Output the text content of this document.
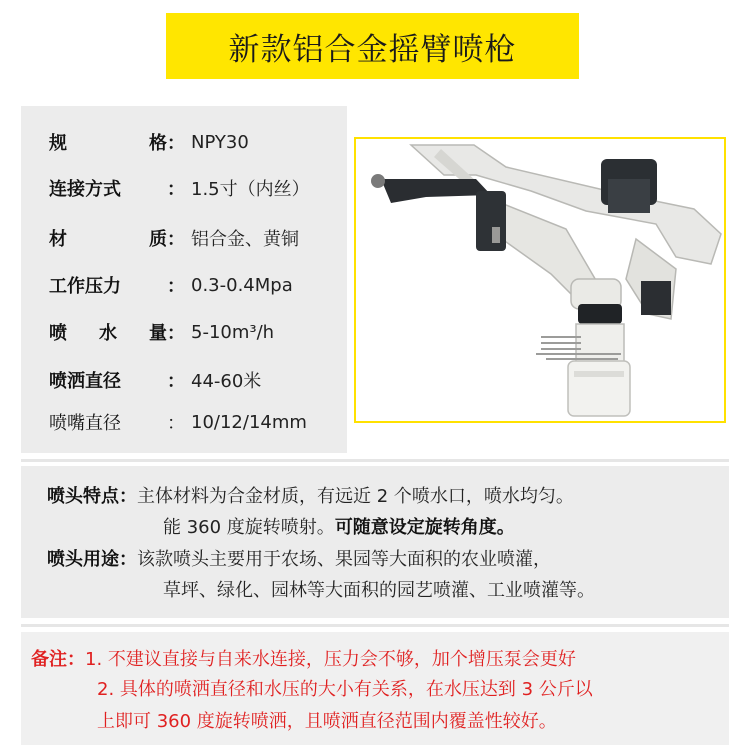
新款铝合金摇臂喷枪
规	格 ： NPY30
连接方式	： 1.5寸（内丝）
材	质 ： 铝合金、黄铜
工作压力	： 0.3-0.4Mpa
喷 水 量 ： 5-10m³/h
喷洒直径	： 44-60米
喷嘴直径	： 10/12/14mm
喷头特点：主体材料为合金材质，有远近 2 个喷水口，喷水均匀。
能 360 度旋转喷射。可随意设定旋转角度。
喷头用途：该款喷头主要用于农场、果园等大面积的农业喷灌，
草坪、绿化、园林等大面积的园艺喷灌、工业喷灌等。
备注：1. 不建议直接与自来水连接，压力会不够，加个增压泵会更好
2. 具体的喷洒直径和水压的大小有关系，在水压达到 3 公斤以
上即可 360 度旋转喷洒，且喷洒直径范围内覆盖性较好。
